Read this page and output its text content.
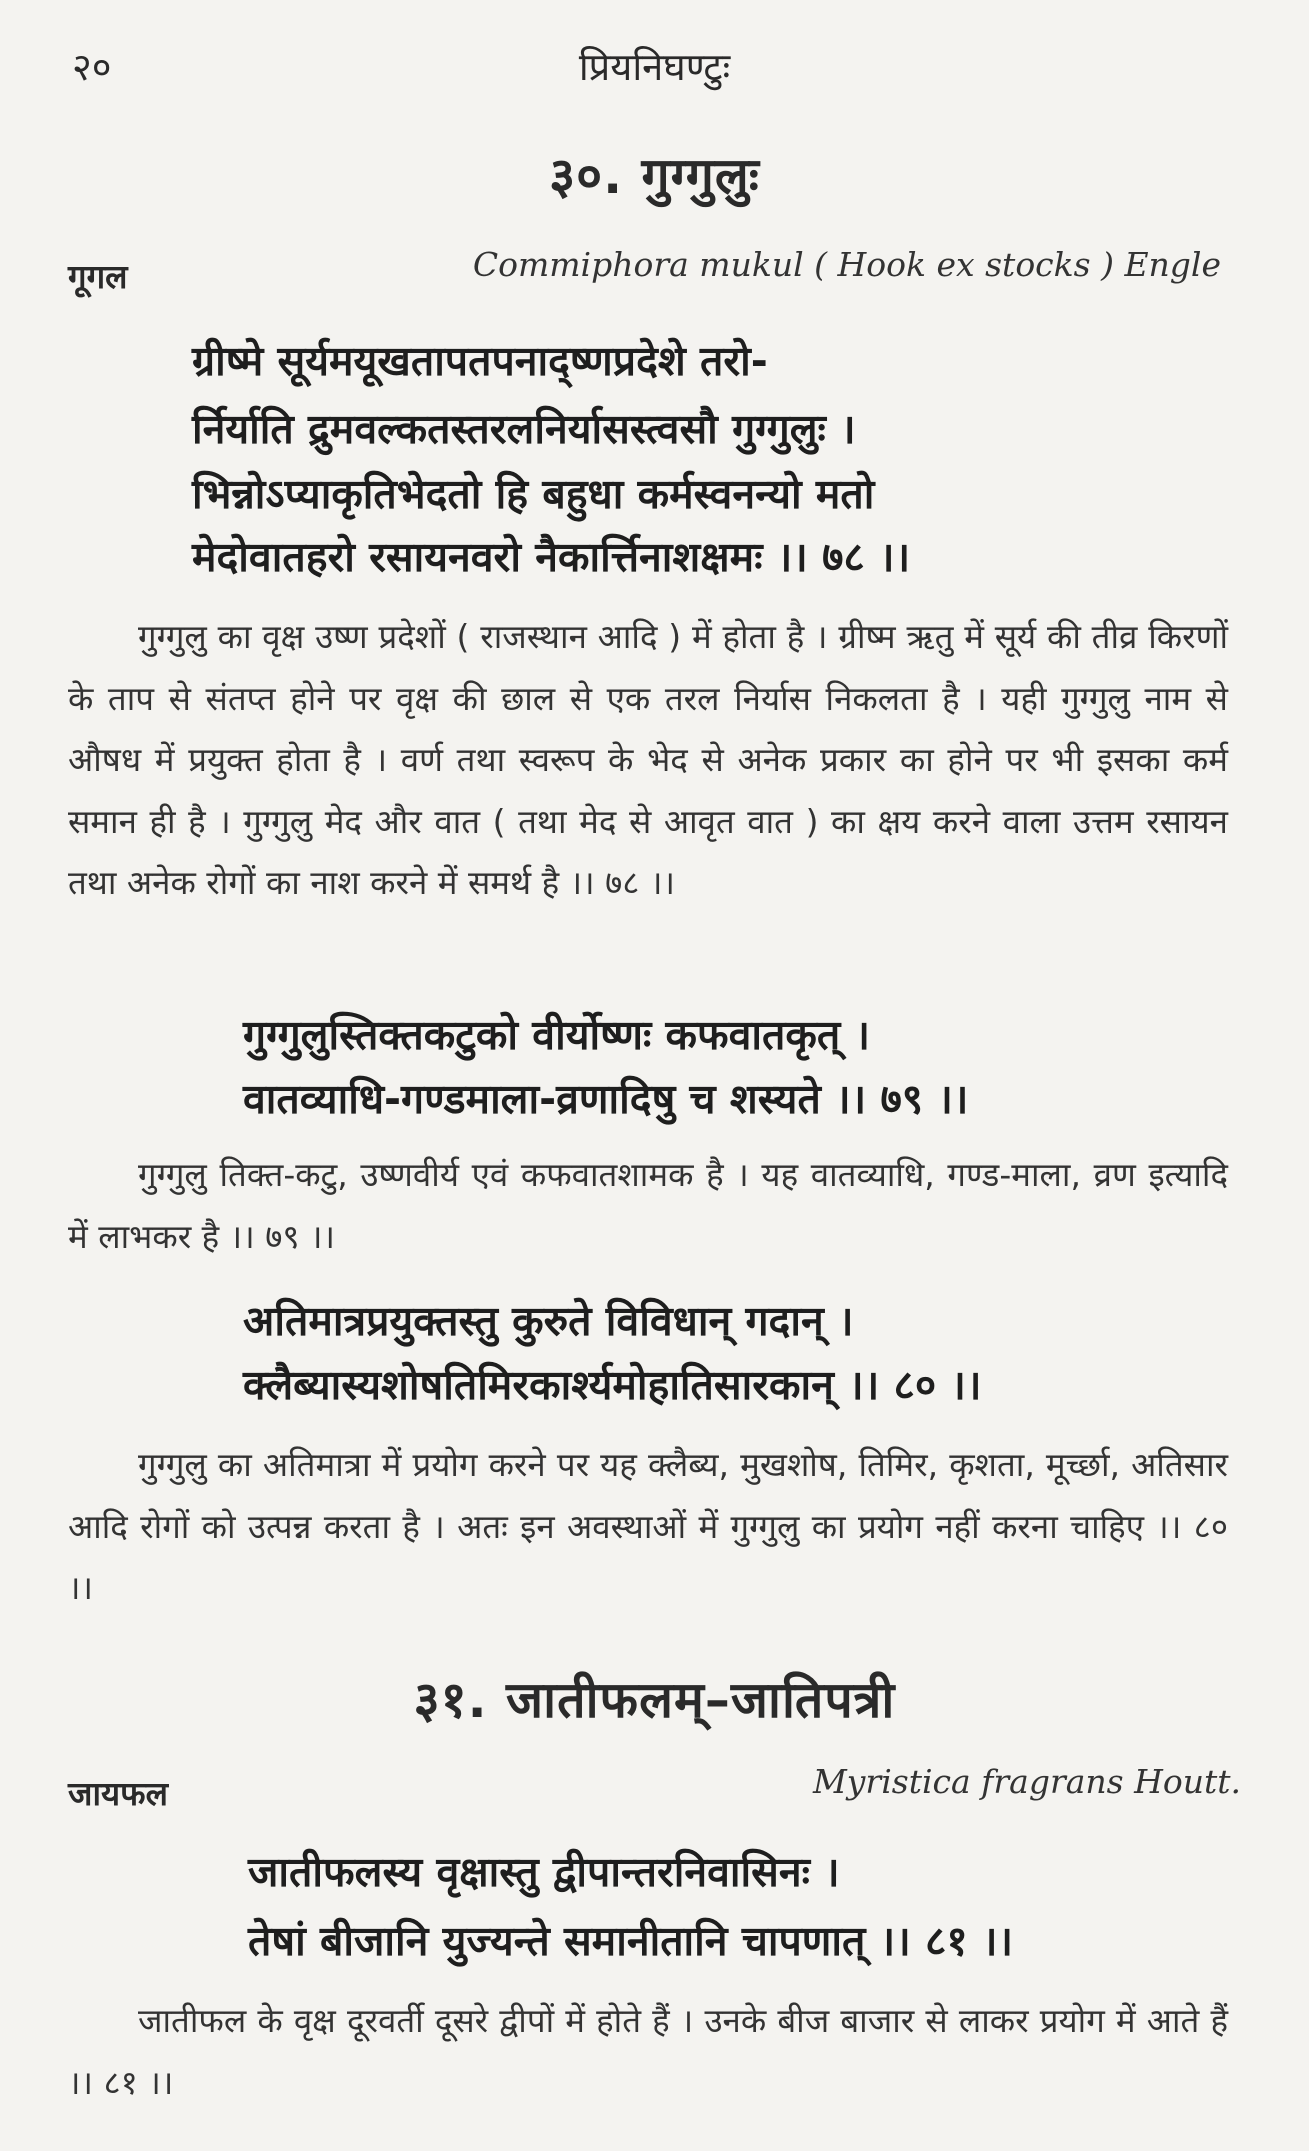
२०	प्रियनिघण्टुः
३०. गुग्गुलुः
गूगल	Commiphora mukul ( Hook ex stocks ) Engle
ग्रीष्मे सूर्यमयूखतापतपनाद्‌ष्णप्रदेशे तरो-
र्निर्याति द्रुमवल्कतस्तरलनिर्यासस्त्वसौ गुग्गुलुः ।
भिन्नोऽप्याकृतिभेदतो हि बहुधा कर्मस्वनन्यो मतो
मेदोवातहरो रसायनवरो नैकार्त्तिनाशक्षमः ।। ७८ ।।
गुग्गुलु का वृक्ष उष्ण प्रदेशों ( राजस्थान आदि ) में होता है । ग्रीष्म ऋतु में सूर्य की तीव्र किरणों के ताप से संतप्त होने पर वृक्ष की छाल से एक तरल निर्यास निकलता है । यही गुग्गुलु नाम से औषध में प्रयुक्त होता है । वर्ण तथा स्वरूप के भेद से अनेक प्रकार का होने पर भी इसका कर्म समान ही है । गुग्गुलु मेद और वात ( तथा मेद से आवृत वात ) का क्षय करने वाला उत्तम रसायन तथा अनेक रोगों का नाश करने में समर्थ है ।। ७८ ।।
गुग्गुलुस्तिक्तकटुको वीर्योष्णः कफवातकृत् ।
वातव्याधि-गण्डमाला-व्रणादिषु च शस्यते ।। ७९ ।।
गुग्गुलु तिक्त-कटु, उष्णवीर्य एवं कफवातशामक है । यह वातव्याधि, गण्ड-माला, व्रण इत्यादि में लाभकर है ।। ७९ ।।
अतिमात्रप्रयुक्तस्तु कुरुते विविधान् गदान् ।
क्लैब्यास्यशोषतिमिरकार्श्यमोहातिसारकान् ।। ८० ।।
गुग्गुलु का अतिमात्रा में प्रयोग करने पर यह क्लैब्य, मुखशोष, तिमिर, कृशता, मूर्च्छा, अतिसार आदि रोगों को उत्पन्न करता है । अतः इन अवस्थाओं में गुग्गुलु का प्रयोग नहीं करना चाहिए ।। ८० ।।
३१. जातीफलम्–जातिपत्री
जायफल	Myristica fragrans Houtt.
जातीफलस्य वृक्षास्तु द्वीपान्तरनिवासिनः ।
तेषां बीजानि युज्यन्ते समानीतानि चापणात् ।। ८१ ।।
जातीफल के वृक्ष दूरवर्ती दूसरे द्वीपों में होते हैं । उनके बीज बाजार से लाकर प्रयोग में आते हैं ।। ८१ ।।
